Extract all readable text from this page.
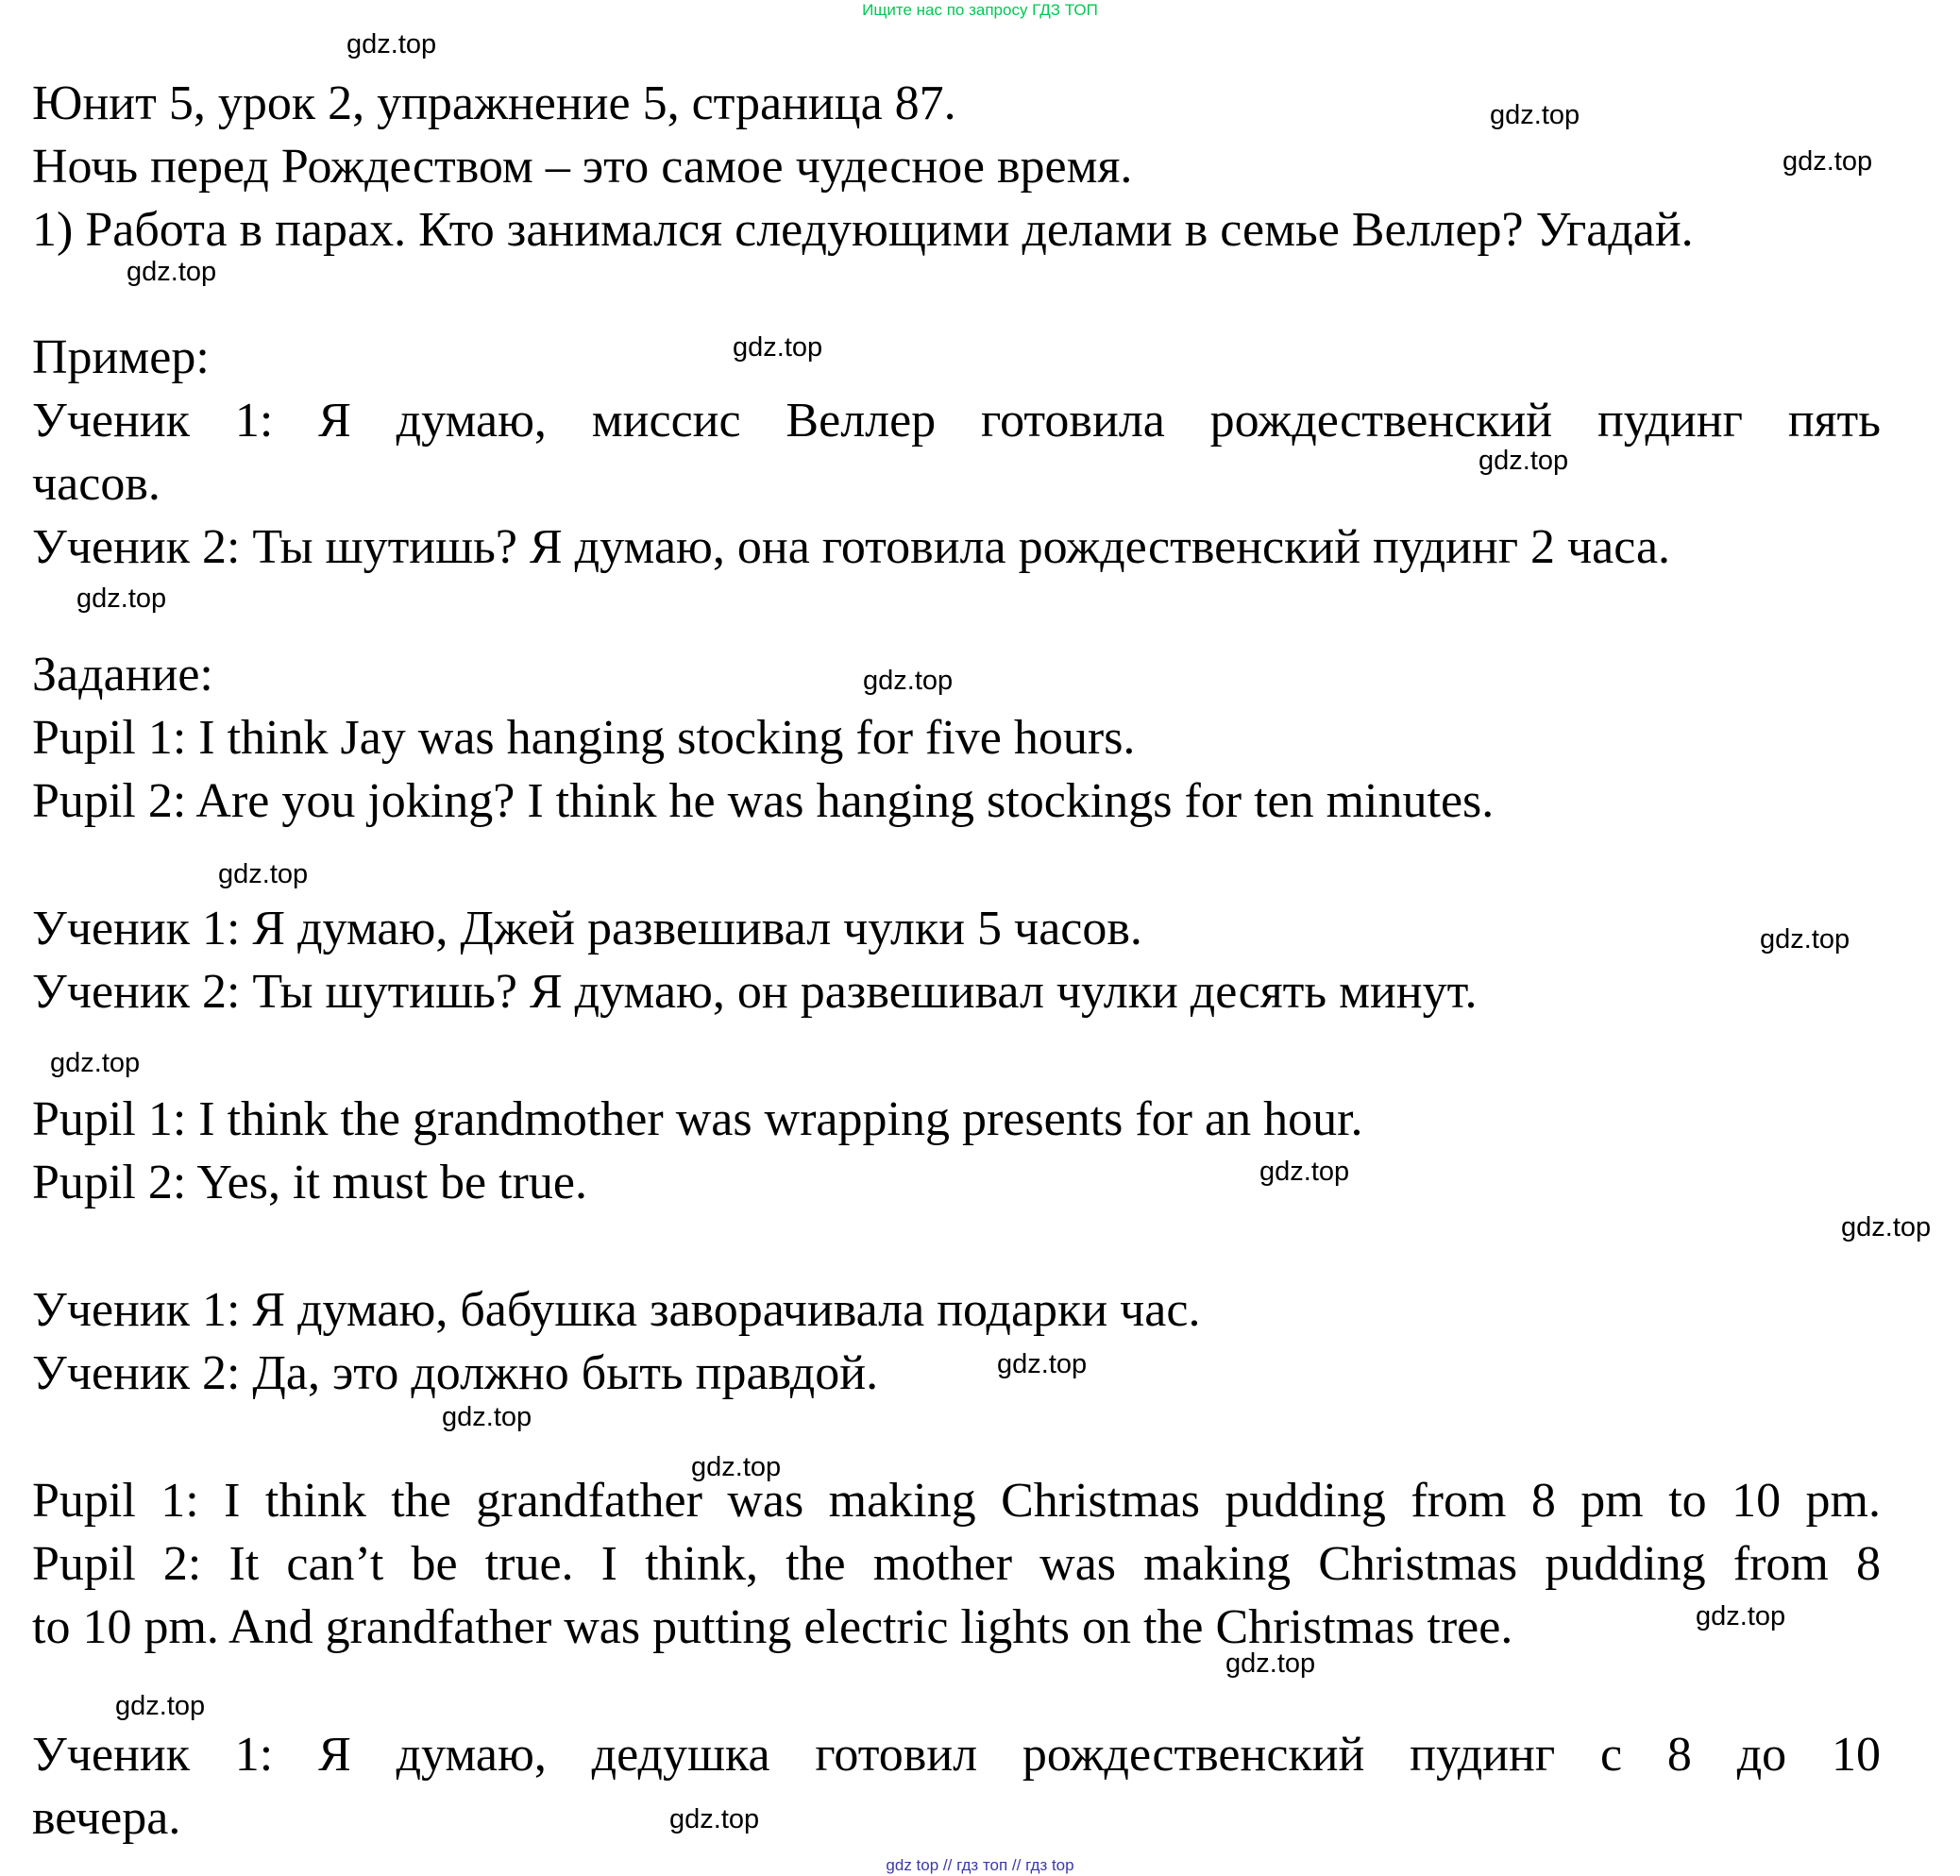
Ищите нас по запросу ГДЗ ТОП
Юнит 5, урок 2, упражнение 5, страница 87.
Ночь перед Рождеством – это самое чудесное время.
1) Работа в парах. Кто занимался следующими делами в семье Веллер? Угадай.
Пример:
Ученик 1: Я думаю, миссис Веллер готовила рождественский пудинг пять
часов.
Ученик 2: Ты шутишь? Я думаю, она готовила рождественский пудинг 2 часа.
Задание:
Pupil 1: I think Jay was hanging stocking for five hours.
Pupil 2: Are you joking? I think he was hanging stockings for ten minutes.
Ученик 1: Я думаю, Джей развешивал чулки 5 часов.
Ученик 2: Ты шутишь? Я думаю, он развешивал чулки десять минут.
Pupil 1: I think the grandmother was wrapping presents for an hour.
Pupil 2: Yes, it must be true.
Ученик 1: Я думаю, бабушка заворачивала подарки час.
Ученик 2: Да, это должно быть правдой.
Pupil 1: I think the grandfather was making Christmas pudding from 8 pm to 10 pm.
Pupil 2: It can’t be true. I think, the mother was making Christmas pudding from 8
to 10 pm. And grandfather was putting electric lights on the Christmas tree.
Ученик 1: Я думаю, дедушка готовил рождественский пудинг с 8 до 10
вечера.
gdz.top
gdz.top
gdz.top
gdz.top
gdz.top
gdz.top
gdz.top
gdz.top
gdz.top
gdz.top
gdz.top
gdz.top
gdz.top
gdz.top
gdz.top
gdz.top
gdz.top
gdz.top
gdz.top
gdz.top
gdz top // гдз топ // гдз top
